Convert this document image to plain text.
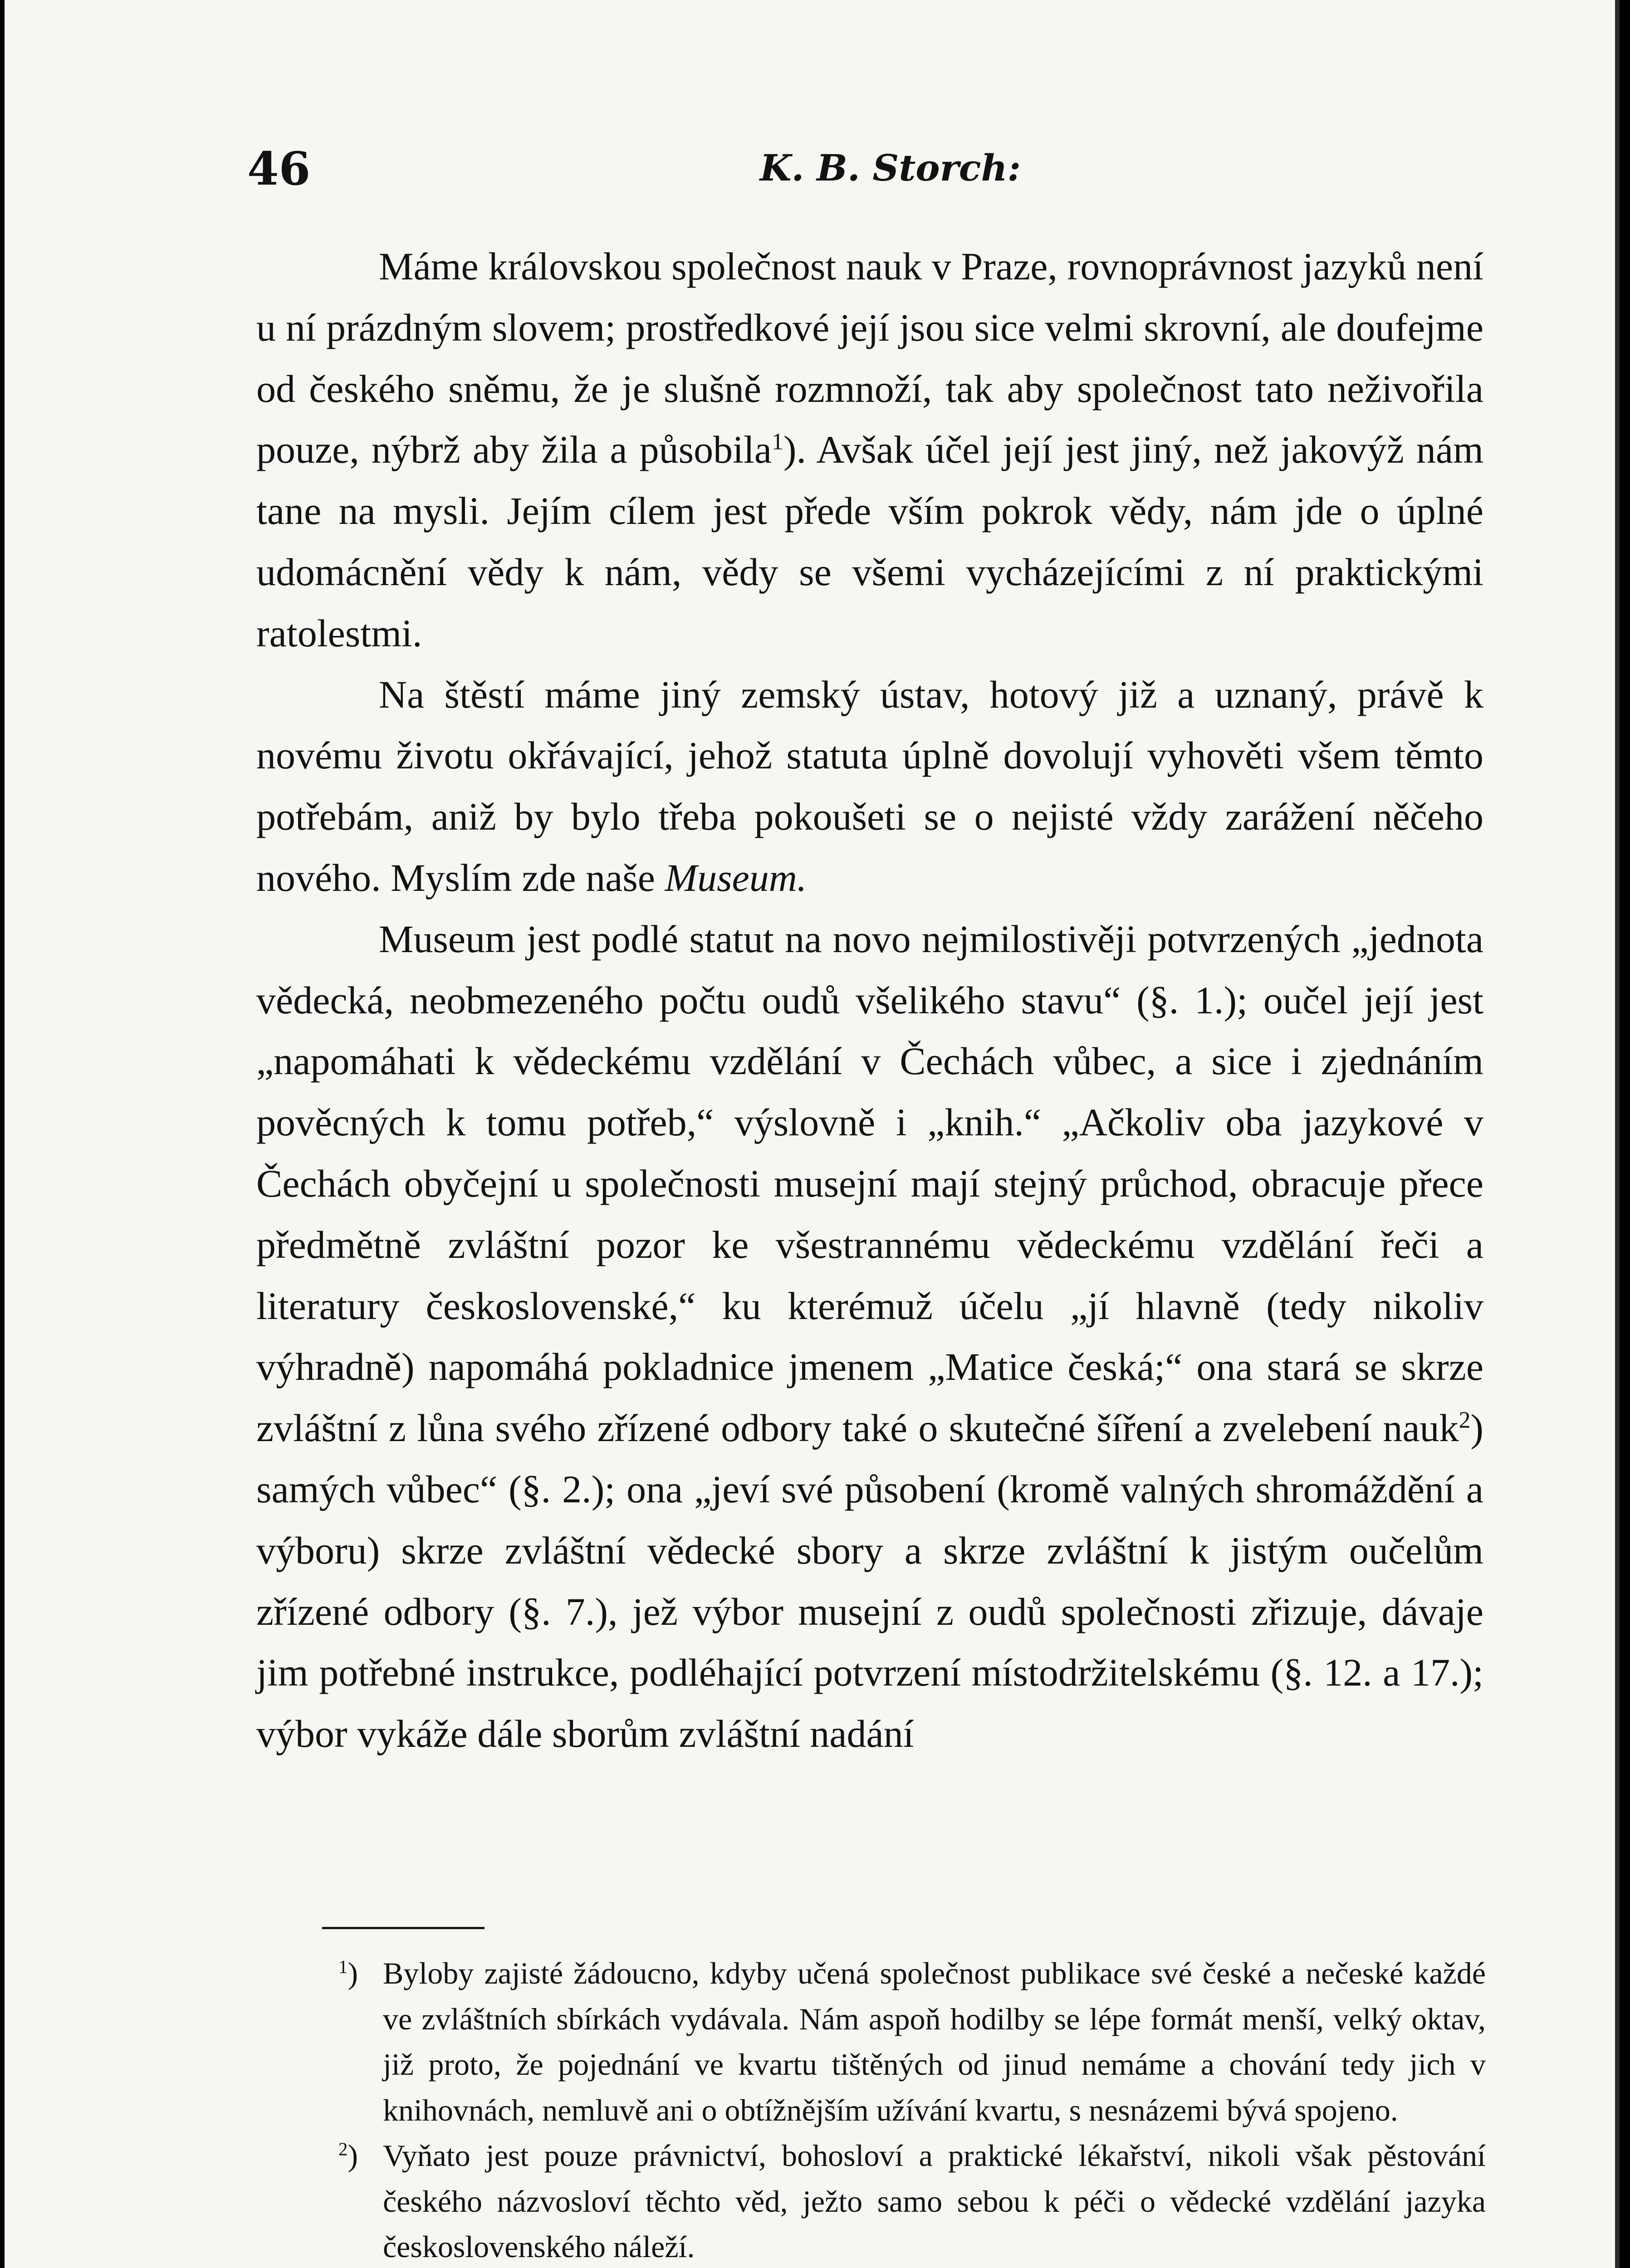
46	K. B. Storch:

Máme královskou společnost nauk v Praze, rovnoprávnost jazyků není u ní prázdným slovem; prostředkové její jsou sice velmi skrovní, ale doufejme od českého sněmu, že je slušně rozmnoží, tak aby společnost tato neživořila pouze, nýbrž aby žila a působila$^1$). Avšak účel její jest jiný, než jakovýž nám tane na mysli. Jejím cílem jest přede vším pokrok vědy, nám jde o úplné udomácnění vědy k nám, vědy se všemi vycházejícími z ní praktickými ratolestmi.

Na štěstí máme jiný zemský ústav, hotový již a uznaný, právě k novému životu okřávající, jehož statuta úplně dovolují vyhověti všem těmto potřebám, aniž by bylo třeba pokoušeti se o nejisté vždy zarážení něčeho nového. Myslím zde naše Museum.

Museum jest podlé statut na novo nejmilostivěji potvrzených „jednota vědecká, neobmezeného počtu oudů všelikého stavu“ (§. 1.); oučel její jest „napomáhati k vědeckému vzdělání v Čechách vůbec, a sice i zjednáním pověcných k tomu potřeb,“ výslovně i „knih.“ „Ačkoliv oba jazykové v Čechách obyčejní u společnosti musejní mají stejný průchod, obracuje přece předmětně zvláštní pozor ke všestrannému vědeckému vzdělání řeči a literatury československé,“ ku kterémuž účelu „jí hlavně (tedy nikoliv výhradně) napomáhá pokladnice jmenem „Matice česká;“ ona stará se skrze zvláštní z lůna svého zřízené odbory také o skutečné šíření a zvelebení nauk$^2$) samých vůbec“ (§. 2.); ona „jeví své působení (kromě valných shromáždění a výboru) skrze zvláštní vědecké sbory a skrze zvláštní k jistým oučelům zřízené odbory (§. 7.), jež výbor musejní z oudů společnosti zřizuje, dávaje jim potřebné instrukce, podléhající potvrzení místodržitelskému (§. 12. a 17.); výbor vykáže dále sborům zvláštní nadání

$^1$) Byloby zajisté žádoucno, kdyby učená společnost publikace své české a nečeské každé ve zvláštních sbírkách vydávala. Nám aspoň hodilby se lépe formát menší, velký oktav, již proto, že pojednání ve kvartu tištěných od jinud nemáme a chování tedy jich v knihovnách, nemluvě ani o obtížnějším užívání kvartu, s nesnázemi bývá spojeno.
$^2$) Vyňato jest pouze právnictví, bohosloví a praktické lékařství, nikoli však pěstování českého názvosloví těchto věd, ježto samo sebou k péči o vědecké vzdělání jazyka československého náleží.
